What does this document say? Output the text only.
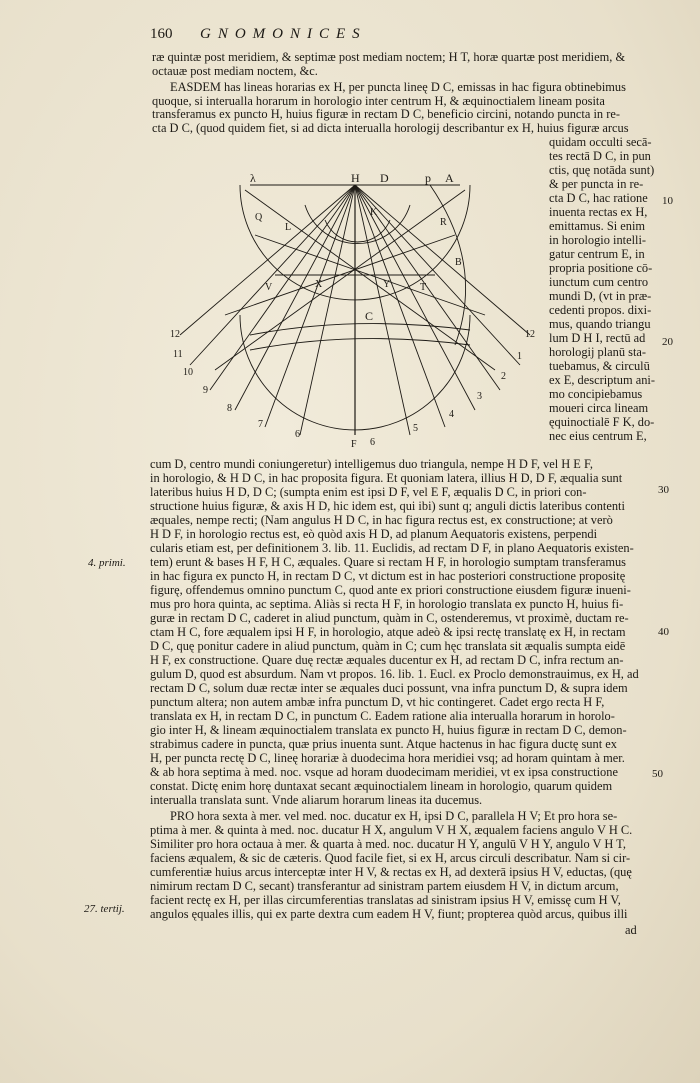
160 GNOMONICES
ræ quintæ post meridiem, & septimæ post mediam noctem; H T, horæ quartæ post meridiem, &
octauæ post mediam noctem, &c.
EASDEM has lineas horarias ex H, per puncta lineę D C, emissas in hac figura obtinebimus
quoque, si interualla horarum in horologio inter centrum H, & æquinoctialem lineam posita
transferamus ex puncto H, huius figuræ in rectam D C, beneficio circini, notando puncta in re-
cta D C, (quod quidem fiet, si ad dicta interualla horologij describantur ex H, huius figuræ arcus
quidam occulti secā-
tes rectā D C, in pun
ctis, quę notāda sunt)
& per puncta in re-
cta D C, hac ratione
inuenta rectas ex H,
emittamus. Si enim
in horologio intelli-
gatur centrum E, in
propria positione cō-
iunctum cum centro
mundi D, (vt in præ-
cedenti propos. dixi-
mus, quando triangu
lum D H I, rectū ad
horologij planū sta-
tuebamus, & circulū
ex E, descriptum ani-
mo concipiebamus
moueri circa lineam
ęquinoctialē F K, do-
nec eius centrum E,
λ	H D	p A
Q
L
K
R
B
V	X	Y	T
C
12
11
10
9
8
7
6
12
1
2
3
4
5
6
F
cum D, centro mundi coniungeretur) intelligemus duo triangula, nempe H D F, vel H E F,
in horologio, & H D C, in hac proposita figura. Et quoniam latera, illius H D, D F, æqualia sunt
lateribus huius H D, D C; (sumpta enim est ipsi D F, vel E F, æqualis D C, in priori con-
structione huius figuræ, & axis H D, hic idem est, qui ibi) sunt q; anguli dictis lateribus contenti
æquales, nempe recti; (Nam angulus H D C, in hac figura rectus est, ex constructione; at verò
H D F, in horologio rectus est, eò quòd axis H D, ad planum Aequatoris existens, perpendi
cularis etiam est, per definitionem 3. lib. 11. Euclidis, ad rectam D F, in plano Aequatoris existen-
tem) erunt & bases H F, H C, æquales. Quare si rectam H F, in horologio sumptam transferamus
in hac figura ex puncto H, in rectam D C, vt dictum est in hac posteriori constructione propositę
figurę, offendemus omnino punctum C, quod ante ex priori constructione eiusdem figuræ inueni-
mus pro hora quinta, ac septima. Aliàs si recta H F, in horologio translata ex puncto H, huius fi-
guræ in rectam D C, caderet in aliud punctum, quàm in C, ostenderemus, vt proximè, ductam re-
ctam H C, fore æqualem ipsi H F, in horologio, atque adeò & ipsi rectę translatę ex H, in rectam
D C, quę ponitur cadere in aliud punctum, quàm in C; cum hęc translata sit æqualis sumpta eidē
H F, ex constructione. Quare duę rectæ æquales ducentur ex H, ad rectam D C, infra rectum an-
gulum D, quod est absurdum. Nam vt propos. 16. lib. 1. Eucl. ex Proclo demonstrauimus, ex H, ad
rectam D C, solum duæ rectæ inter se æquales duci possunt, vna infra punctum D, & supra idem
punctum altera; non autem ambæ infra punctum D, vt hic contingeret. Cadet ergo recta H F,
translata ex H, in rectam D C, in punctum C. Eadem ratione alia interualla horarum in horolo-
gio inter H, & lineam æquinoctialem translata ex puncto H, huius figuræ in rectam D C, demon-
strabimus cadere in puncta, quæ prius inuenta sunt. Atque hactenus in hac figura ductę sunt ex
H, per puncta rectę D C, lineę horariæ à duodecima hora meridiei vsq; ad horam quintam à mer.
& ab hora septima à med. noc. vsque ad horam duodecimam meridiei, vt ex ipsa constructione
constat. Dictę enim horę duntaxat secant æquinoctialem lineam in horologio, quarum quidem
interualla translata sunt. Vnde aliarum horarum lineas ita ducemus.
PRO hora sexta à mer. vel med. noc. ducatur ex H, ipsi D C, parallela H V; Et pro hora se-
ptima à mer. & quinta à med. noc. ducatur H X, angulum V H X, æqualem faciens angulo V H C.
Similiter pro hora octaua à mer. & quarta à med. noc. ducatur H Y, angulū V H Y, angulo V H T,
faciens æqualem, & sic de cæteris. Quod facile fiet, si ex H, arcus circuli describatur. Nam si cir-
cumferentiæ huius arcus interceptæ inter H V, & rectas ex H, ad dexterā ipsius H V, eductas, (quę
nimirum rectam D C, secant) transferantur ad sinistram partem eiusdem H V, in dictum arcum,
facient rectę ex H, per illas circumferentias translatas ad sinistram ipsius H V, emissę cum H V,
angulos ęquales illis, qui ex parte dextra cum eadem H V, fiunt; propterea quòd arcus, quibus illi
ad
4. primi.
27. tertij.
10
20
30
40
50
